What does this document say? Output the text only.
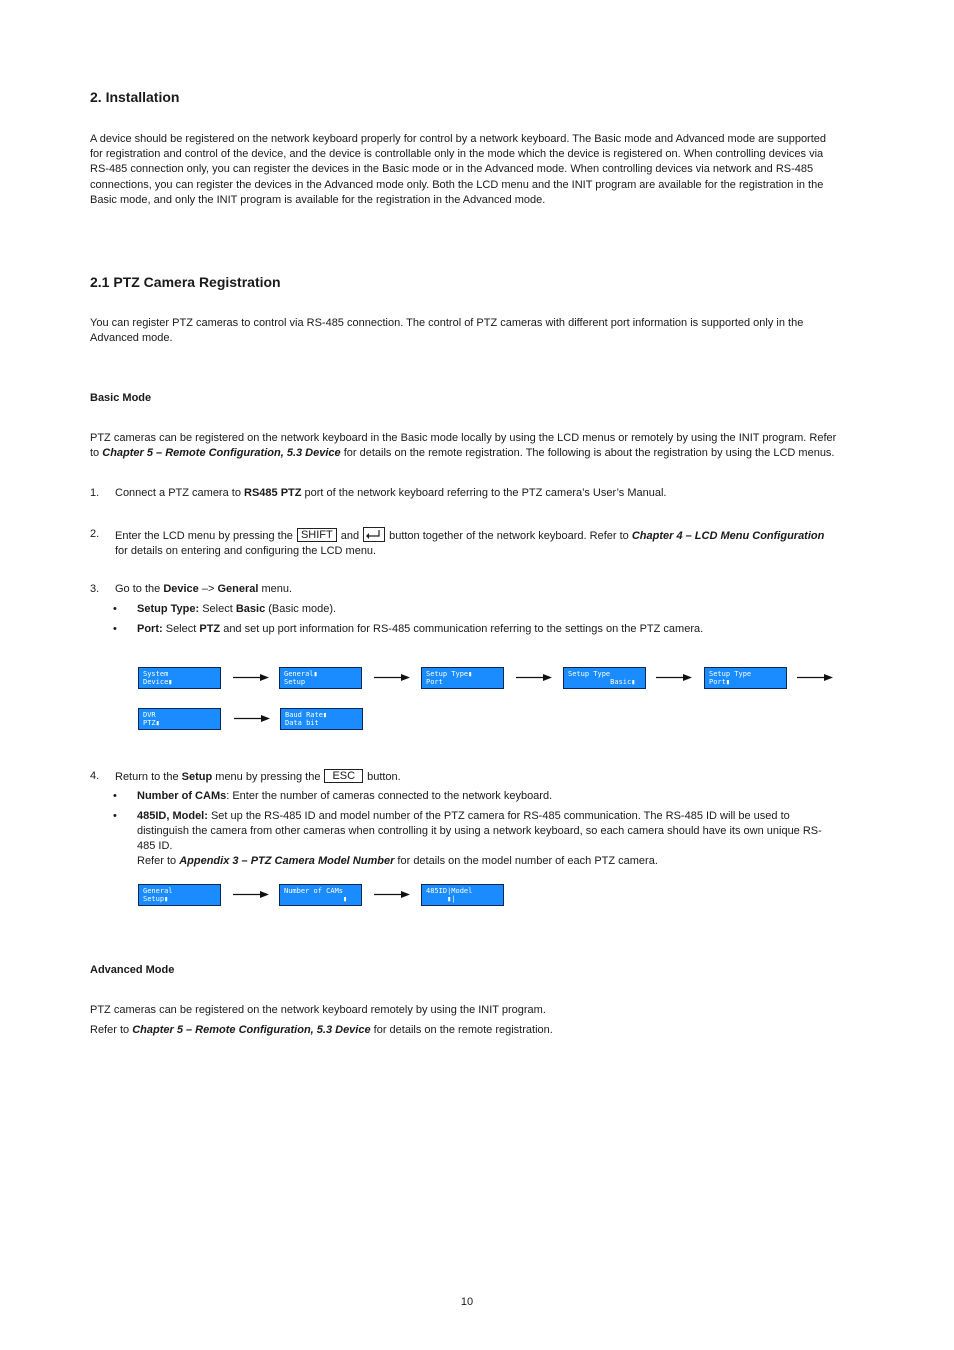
2. Installation
A device should be registered on the network keyboard properly for control by a network keyboard. The Basic mode and Advanced mode are supported for registration and control of the device, and the device is controllable only in the mode which the device is registered on. When controlling devices via RS-485 connection only, you can register the devices in the Basic mode or in the Advanced mode. When controlling devices via network and RS-485 connections, you can register the devices in the Advanced mode only. Both the LCD menu and the INIT program are available for the registration in the Basic mode, and only the INIT program is available for the registration in the Advanced mode.
2.1 PTZ Camera Registration
You can register PTZ cameras to control via RS-485 connection. The control of PTZ cameras with different port information is supported only in the Advanced mode.
Basic Mode
PTZ cameras can be registered on the network keyboard in the Basic mode locally by using the LCD menus or remotely by using the INIT program. Refer to Chapter 5 – Remote Configuration, 5.3 Device for details on the remote registration. The following is about the registration by using the LCD menus.
1. Connect a PTZ camera to RS485 PTZ port of the network keyboard referring to the PTZ camera’s User’s Manual.
2. Enter the LCD menu by pressing the SHIFT and	button together of the network keyboard. Refer to Chapter 4 – LCD Menu Configuration for details on entering and configuring the LCD menu.
3. Go to the Device –> General menu.
• Setup Type: Select Basic (Basic mode).
• Port: Select PTZ and set up port information for RS-485 communication referring to the settings on the PTZ camera.
System
Device▮
General▮
Setup
Setup Type▮
Port
Setup Type
Basic▮
Setup Type
Port▮
DVR
PTZ▮
Baud Rate▮
Data bit
4. Return to the Setup menu by pressing the ESC button.
• Number of CAMs: Enter the number of cameras connected to the network keyboard.
• 485ID, Model: Set up the RS-485 ID and model number of the PTZ camera for RS-485 communication. The RS-485 ID will be used to distinguish the camera from other cameras when controlling it by using a network keyboard, so each camera should have its own unique RS-485 ID.
Refer to Appendix 3 – PTZ Camera Model Number for details on the model number of each PTZ camera.
General
Setup▮
Number of CAMs
▮
485ID|Model
▮|
Advanced Mode
PTZ cameras can be registered on the network keyboard remotely by using the INIT program.
Refer to Chapter 5 – Remote Configuration, 5.3 Device for details on the remote registration.
10
